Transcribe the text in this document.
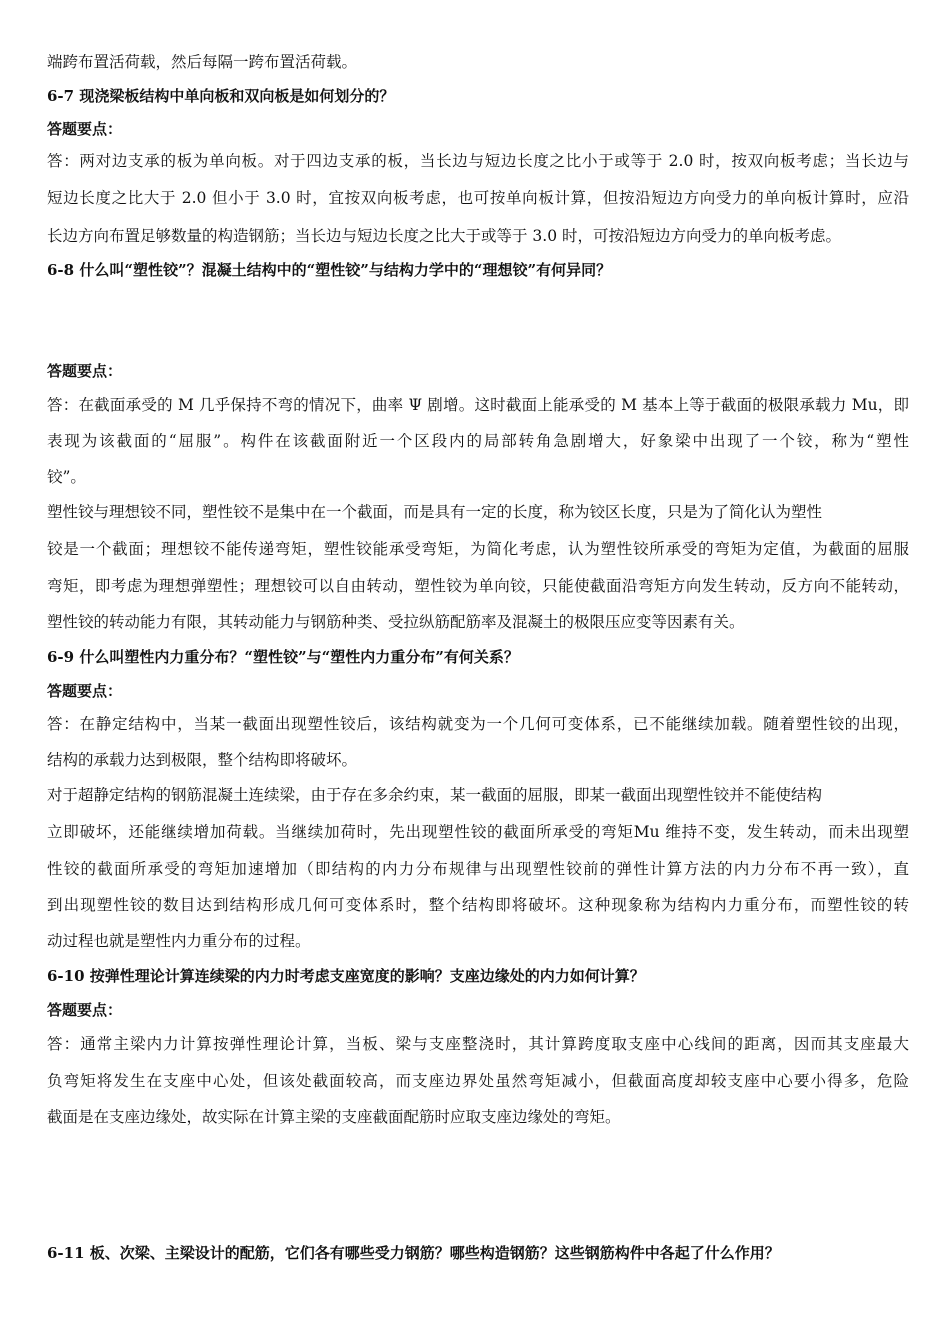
端跨布置活荷载，然后每隔一跨布置活荷载。
6-7 现浇梁板结构中单向板和双向板是如何划分的？
答题要点：
答：两对边支承的板为单向板。对于四边支承的板，当长边与短边长度之比小于或等于 2.0 时，按双向板考虑；当长边与
短边长度之比大于 2.0 但小于 3.0 时，宜按双向板考虑，也可按单向板计算，但按沿短边方向受力的单向板计算时，应沿
长边方向布置足够数量的构造钢筋；当长边与短边长度之比大于或等于 3.0 时，可按沿短边方向受力的单向板考虑。
6-8 什么叫“塑性铰”？混凝土结构中的“塑性铰”与结构力学中的“理想铰”有何异同？
答题要点：
答：在截面承受的 M 几乎保持不弯的情况下，曲率 Ψ 剧增。这时截面上能承受的 M 基本上等于截面的极限承载力 Mu，即
表现为该截面的“屈服”。构件在该截面附近一个区段内的局部转角急剧增大，好象梁中出现了一个铰，称为“塑性
铰”。
塑性铰与理想铰不同，塑性铰不是集中在一个截面，而是具有一定的长度，称为铰区长度，只是为了简化认为塑性
铰是一个截面；理想铰不能传递弯矩，塑性铰能承受弯矩，为简化考虑，认为塑性铰所承受的弯矩为定值，为截面的屈服
弯矩，即考虑为理想弹塑性；理想铰可以自由转动，塑性铰为单向铰，只能使截面沿弯矩方向发生转动，反方向不能转动，
塑性铰的转动能力有限，其转动能力与钢筋种类、受拉纵筋配筋率及混凝土的极限压应变等因素有关。
6-9 什么叫塑性内力重分布？“塑性铰”与“塑性内力重分布”有何关系？
答题要点：
答：在静定结构中，当某一截面出现塑性铰后，该结构就变为一个几何可变体系，已不能继续加载。随着塑性铰的出现，
结构的承载力达到极限，整个结构即将破坏。
对于超静定结构的钢筋混凝土连续梁，由于存在多余约束，某一截面的屈服，即某一截面出现塑性铰并不能使结构
立即破坏，还能继续增加荷载。当继续加荷时，先出现塑性铰的截面所承受的弯矩Mu 维持不变，发生转动，而未出现塑
性铰的截面所承受的弯矩加速增加（即结构的内力分布规律与出现塑性铰前的弹性计算方法的内力分布不再一致），直
到出现塑性铰的数目达到结构形成几何可变体系时，整个结构即将破坏。这种现象称为结构内力重分布，而塑性铰的转
动过程也就是塑性内力重分布的过程。
6-10 按弹性理论计算连续梁的内力时考虑支座宽度的影响？支座边缘处的内力如何计算？
答题要点：
答：通常主梁内力计算按弹性理论计算，当板、梁与支座整浇时，其计算跨度取支座中心线间的距离，因而其支座最大
负弯矩将发生在支座中心处，但该处截面较高，而支座边界处虽然弯矩减小，但截面高度却较支座中心要小得多，危险
截面是在支座边缘处，故实际在计算主梁的支座截面配筋时应取支座边缘处的弯矩。
6-11 板、次梁、主梁设计的配筋，它们各有哪些受力钢筋？哪些构造钢筋？这些钢筋构件中各起了什么作用？
